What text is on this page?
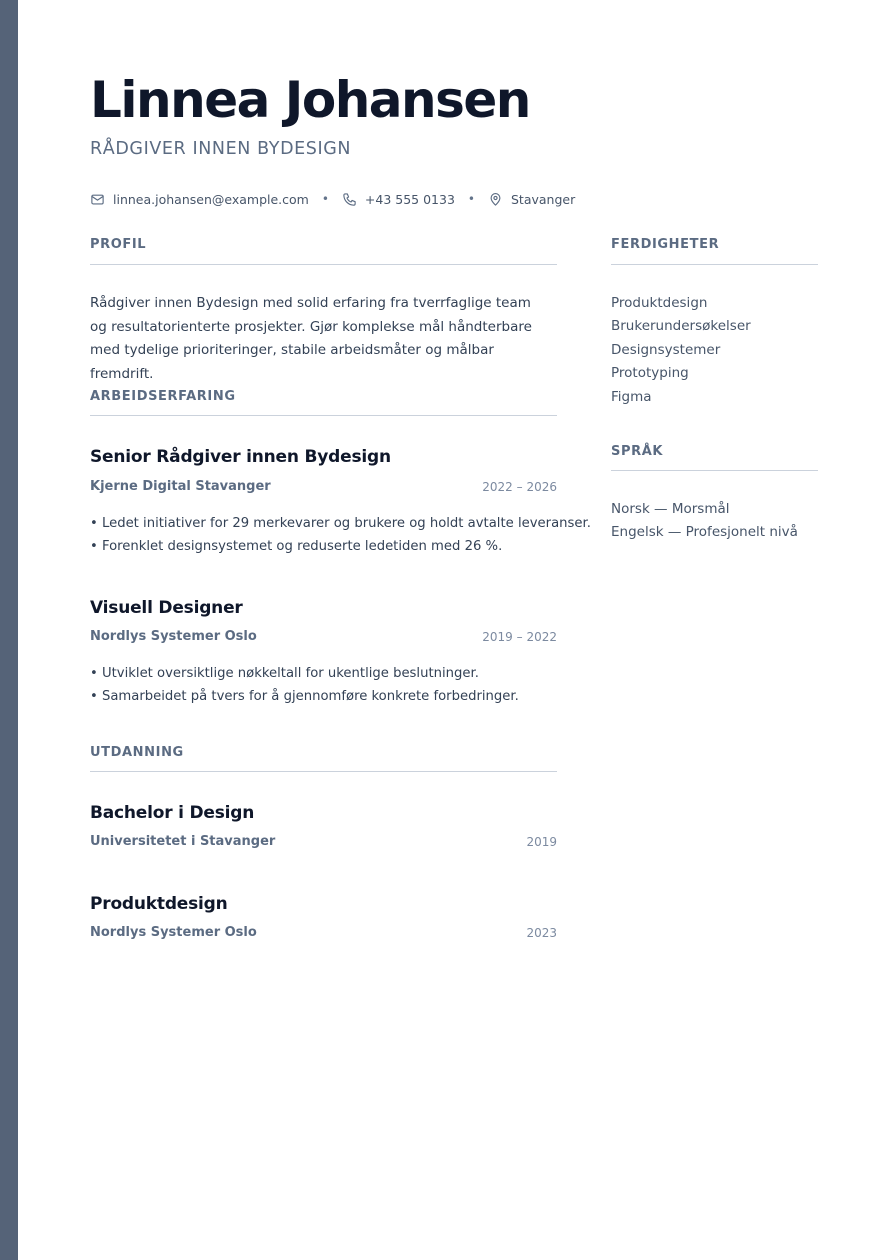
Linnea Johansen
RÅDGIVER INNEN BYDESIGN
linnea.johansen@example.com •	+43 555 0133 •	Stavanger
PROFIL

Rådgiver innen Bydesign med solid erfaring fra tverrfaglige team og resultatorienterte prosjekter. Gjør komplekse mål håndterbare med tydelige prioriteringer, stabile arbeidsmåter og målbar fremdrift.

ARBEIDSERFARING
Senior Rådgiver innen Bydesign
Kjerne Digital Stavanger	2022 – 2026
• Ledet initiativer for 29 merkevarer og brukere og holdt avtalte leveranser.
• Forenklet designsystemet og reduserte ledetiden med 26 %.
Visuell Designer
Nordlys Systemer Oslo	2019 – 2022
• Utviklet oversiktlige nøkkeltall for ukentlige beslutninger.
• Samarbeidet på tvers for å gjennomføre konkrete forbedringer.
UTDANNING
Bachelor i Design
Universitetet i Stavanger	2019
Produktdesign
Nordlys Systemer Oslo	2023
FERDIGHETER
Produktdesign
Brukerundersøkelser
Designsystemer
Prototyping
Figma
SPRÅK
Norsk — Morsmål
Engelsk — Profesjonelt nivå
